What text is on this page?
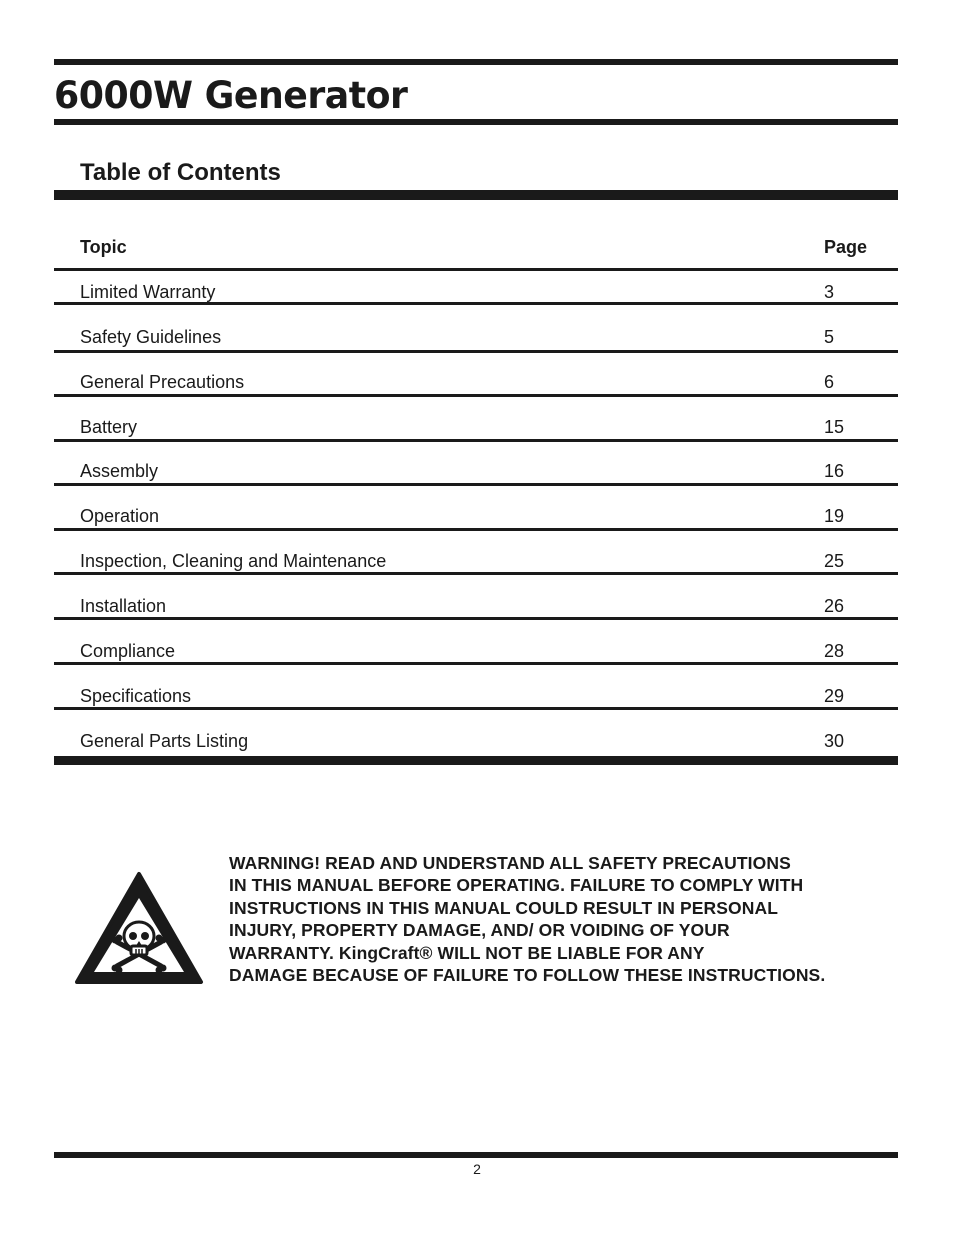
6000W Generator
Table of Contents
Topic	Page
Limited Warranty	3
Safety Guidelines	5
General Precautions	6
Battery	15
Assembly	16
Operation	19
Inspection, Cleaning and Maintenance	25
Installation	26
Compliance	28
Specifications	29
General Parts Listing	30

WARNING! READ AND UNDERSTAND ALL SAFETY PRECAUTIONS
IN THIS MANUAL BEFORE OPERATING. FAILURE TO COMPLY WITH
INSTRUCTIONS IN THIS MANUAL COULD RESULT IN PERSONAL
INJURY, PROPERTY DAMAGE, AND/ OR VOIDING OF YOUR
WARRANTY. KingCraft® WILL NOT BE LIABLE FOR ANY
DAMAGE BECAUSE OF FAILURE TO FOLLOW THESE INSTRUCTIONS.

2
